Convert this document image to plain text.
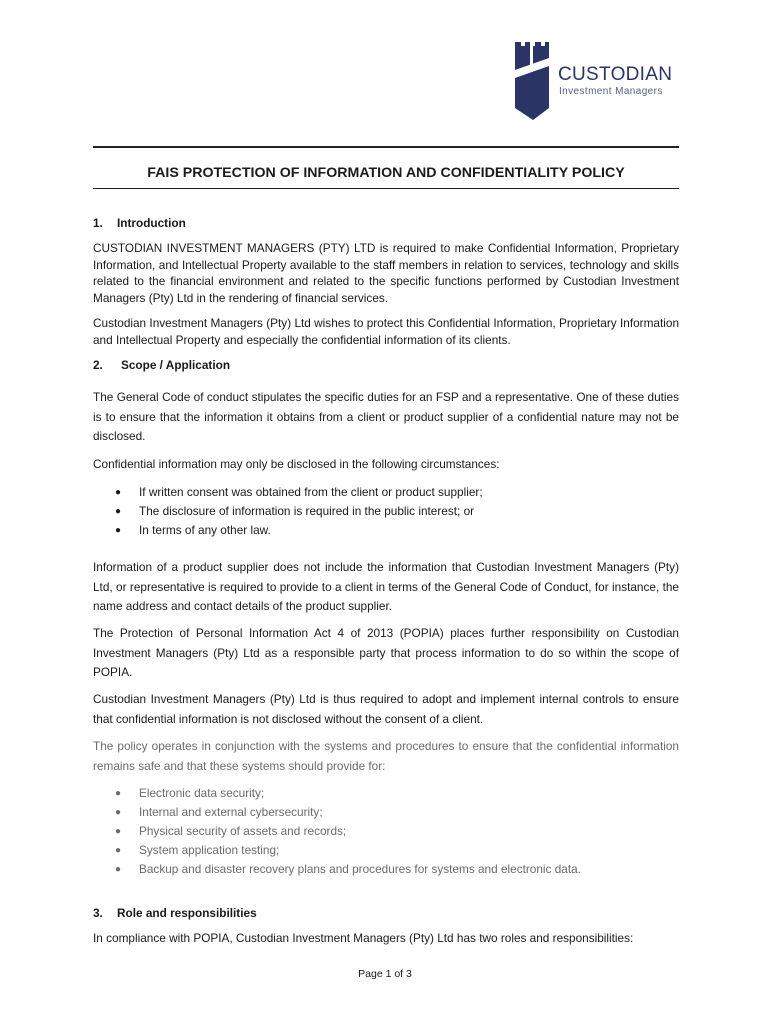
CUSTODIAN
Investment Managers
FAIS PROTECTION OF INFORMATION AND CONFIDENTIALITY POLICY
1. Introduction

CUSTODIAN INVESTMENT MANAGERS (PTY) LTD is required to make Confidential Information, Proprietary Information, and Intellectual Property available to the staff members in relation to services, technology and skills related to the financial environment and related to the specific functions performed by Custodian Investment Managers (Pty) Ltd in the rendering of financial services.

Custodian Investment Managers (Pty) Ltd wishes to protect this Confidential Information, Proprietary Information and Intellectual Property and especially the confidential information of its clients.

2. Scope / Application

The General Code of conduct stipulates the specific duties for an FSP and a representative. One of these duties is to ensure that the information it obtains from a client or product supplier of a confidential nature may not be disclosed.

Confidential information may only be disclosed in the following circumstances:

● If written consent was obtained from the client or product supplier;
● The disclosure of information is required in the public interest; or
● In terms of any other law.

Information of a product supplier does not include the information that Custodian Investment Managers (Pty) Ltd, or representative is required to provide to a client in terms of the General Code of Conduct, for instance, the name address and contact details of the product supplier.

The Protection of Personal Information Act 4 of 2013 (POPIA) places further responsibility on Custodian Investment Managers (Pty) Ltd as a responsible party that process information to do so within the scope of POPIA.

Custodian Investment Managers (Pty) Ltd is thus required to adopt and implement internal controls to ensure that confidential information is not disclosed without the consent of a client.

The policy operates in conjunction with the systems and procedures to ensure that the confidential information remains safe and that these systems should provide for:

● Electronic data security;
● Internal and external cybersecurity;
● Physical security of assets and records;
● System application testing;
● Backup and disaster recovery plans and procedures for systems and electronic data.
3. Role and responsibilities

In compliance with POPIA, Custodian Investment Managers (Pty) Ltd has two roles and responsibilities:

Page 1 of 3
